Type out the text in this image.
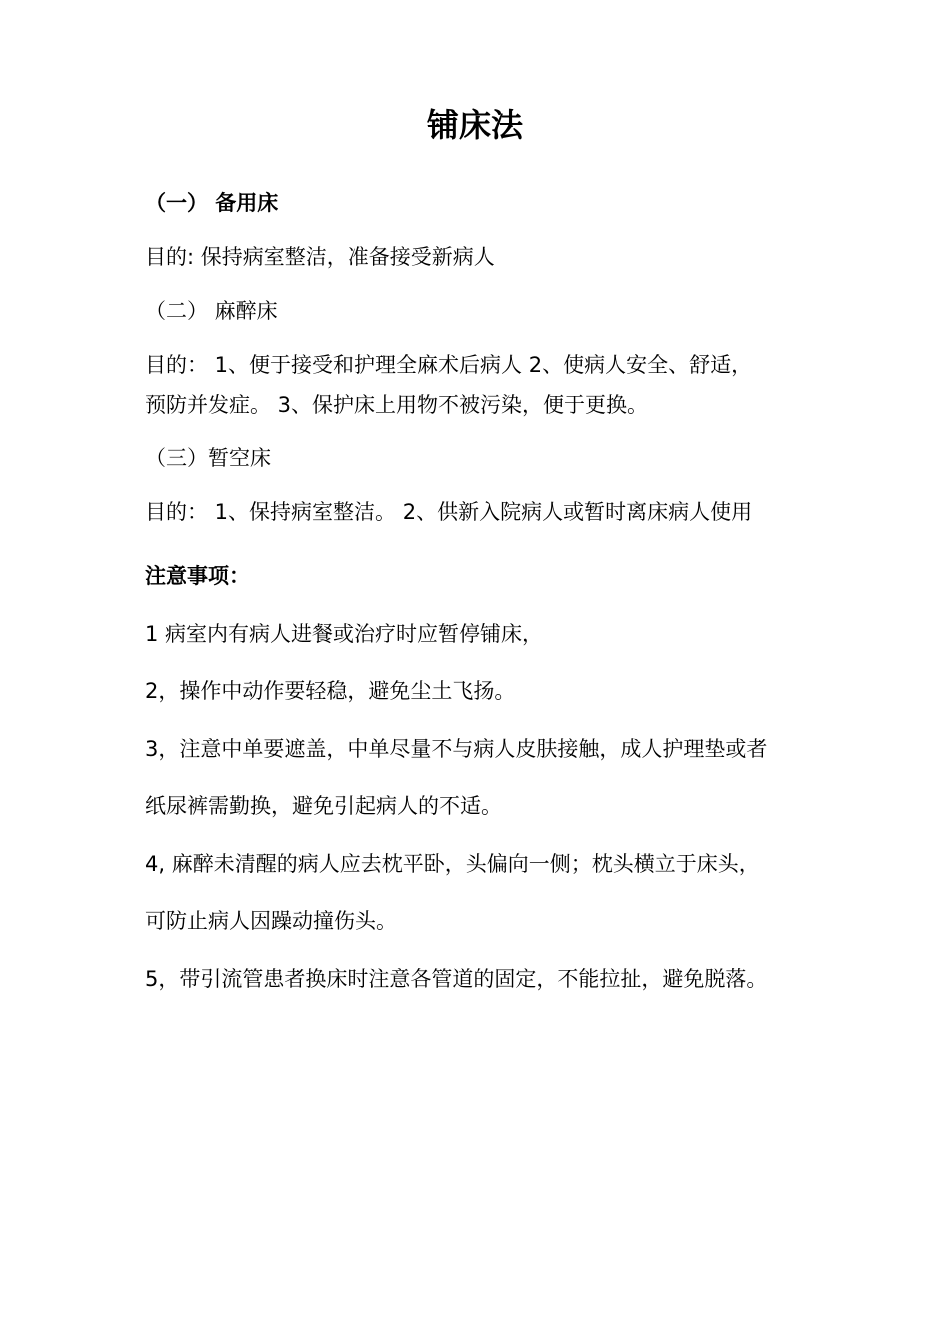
铺床法
（一） 备用床
目的: 保持病室整洁，准备接受新病人
（二） 麻醉床
目的： 1、便于接受和护理全麻术后病人 2、使病人安全、舒适，
预防并发症。 3、保护床上用物不被污染，便于更换。
（三）暂空床
目的： 1、保持病室整洁。 2、供新入院病人或暂时离床病人使用
注意事项：
1 病室内有病人进餐或治疗时应暂停铺床，
2，操作中动作要轻稳，避免尘土飞扬。
3，注意中单要遮盖，中单尽量不与病人皮肤接触，成人护理垫或者
纸尿裤需勤换，避免引起病人的不适。
4, 麻醉未清醒的病人应去枕平卧，头偏向一侧；枕头横立于床头，
可防止病人因躁动撞伤头。
5，带引流管患者换床时注意各管道的固定，不能拉扯，避免脱落。
